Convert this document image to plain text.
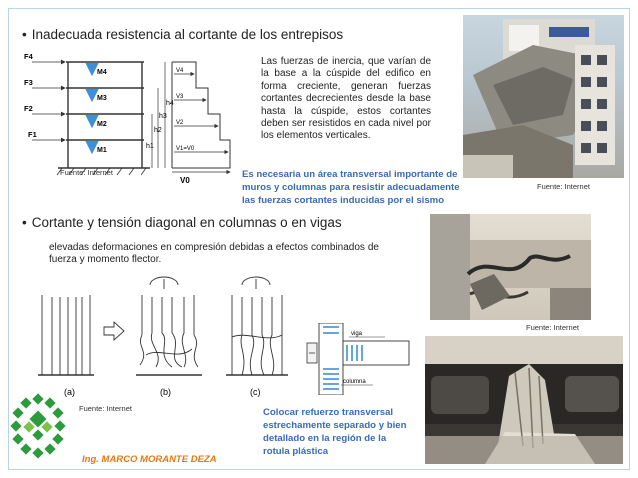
• Inadecuada resistencia al cortante de los entrepisos
F4
F3
F2
F1
M4
M3
M2
M1
h1
h2
h3
h4
V4
V3
V2
V1=V0
V0
Fuente: Internet
Las fuerzas de inercia, que varían de la base a la cúspide del edifico en forma creciente, generan fuerzas cortantes decrecientes desde la base hasta la cúspide, estos cortantes deben ser resistidos en cada nivel por los elementos verticales.
Es necesaria un área transversal importante de muros y columnas para resistir adecuadamente las fuerzas cortantes inducidas por el sismo
Fuente: Internet
• Cortante y tensión diagonal en columnas o en vigas
elevadas deformaciones en compresión debidas a efectos combinados de fuerza y momento flector.
(a)	(b)	(c)
viga
columna
Fuente: Internet
Fuente: Internet
Colocar refuerzo transversal estrechamente separado y bien detallado en la región de la rotula plástica
Ing. MARCO MORANTE DEZA
